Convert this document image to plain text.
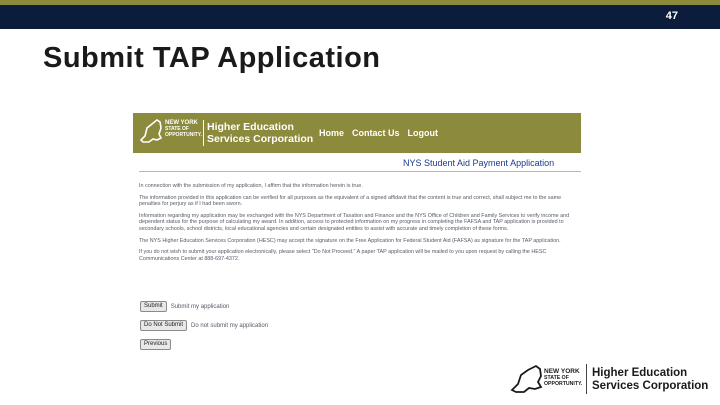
47
Submit TAP Application
NEW YORK
STATE OF
OPPORTUNITY.
Higher Education
Services Corporation Home Contact Us Logout
NYS Student Aid Payment Application

In connection with the submission of my application, I affirm that the information herein is true.

The information provided in this application can be verified for all purposes as the equivalent of a signed affidavit that the content is true and correct, shall subject me to the same penalties for perjury as if I had been sworn.

Information regarding my application may be exchanged with the NYS Department of Taxation and Finance and the NYS Office of Children and Family Services to verify income and dependent status for the purpose of calculating my award. In addition, access to protected information on my progress in completing the FAFSA and TAP application is provided to secondary schools, school districts, local educational agencies and certain designated entities to assist with accurate and timely completion of these forms.

The NYS Higher Education Services Corporation (HESC) may accept the signature on the Free Application for Federal Student Aid (FAFSA) as signature for the TAP application.

If you do not wish to submit your application electronically, please select "Do Not Proceed." A paper TAP application will be mailed to you upon request by calling the HESC Communications Center at 888-697-4372.

Submit	Submit my application
Do Not Submit	Do not submit my application
Previous
NEW YORK
STATE OF
OPPORTUNITY.
Higher Education
Services Corporation
